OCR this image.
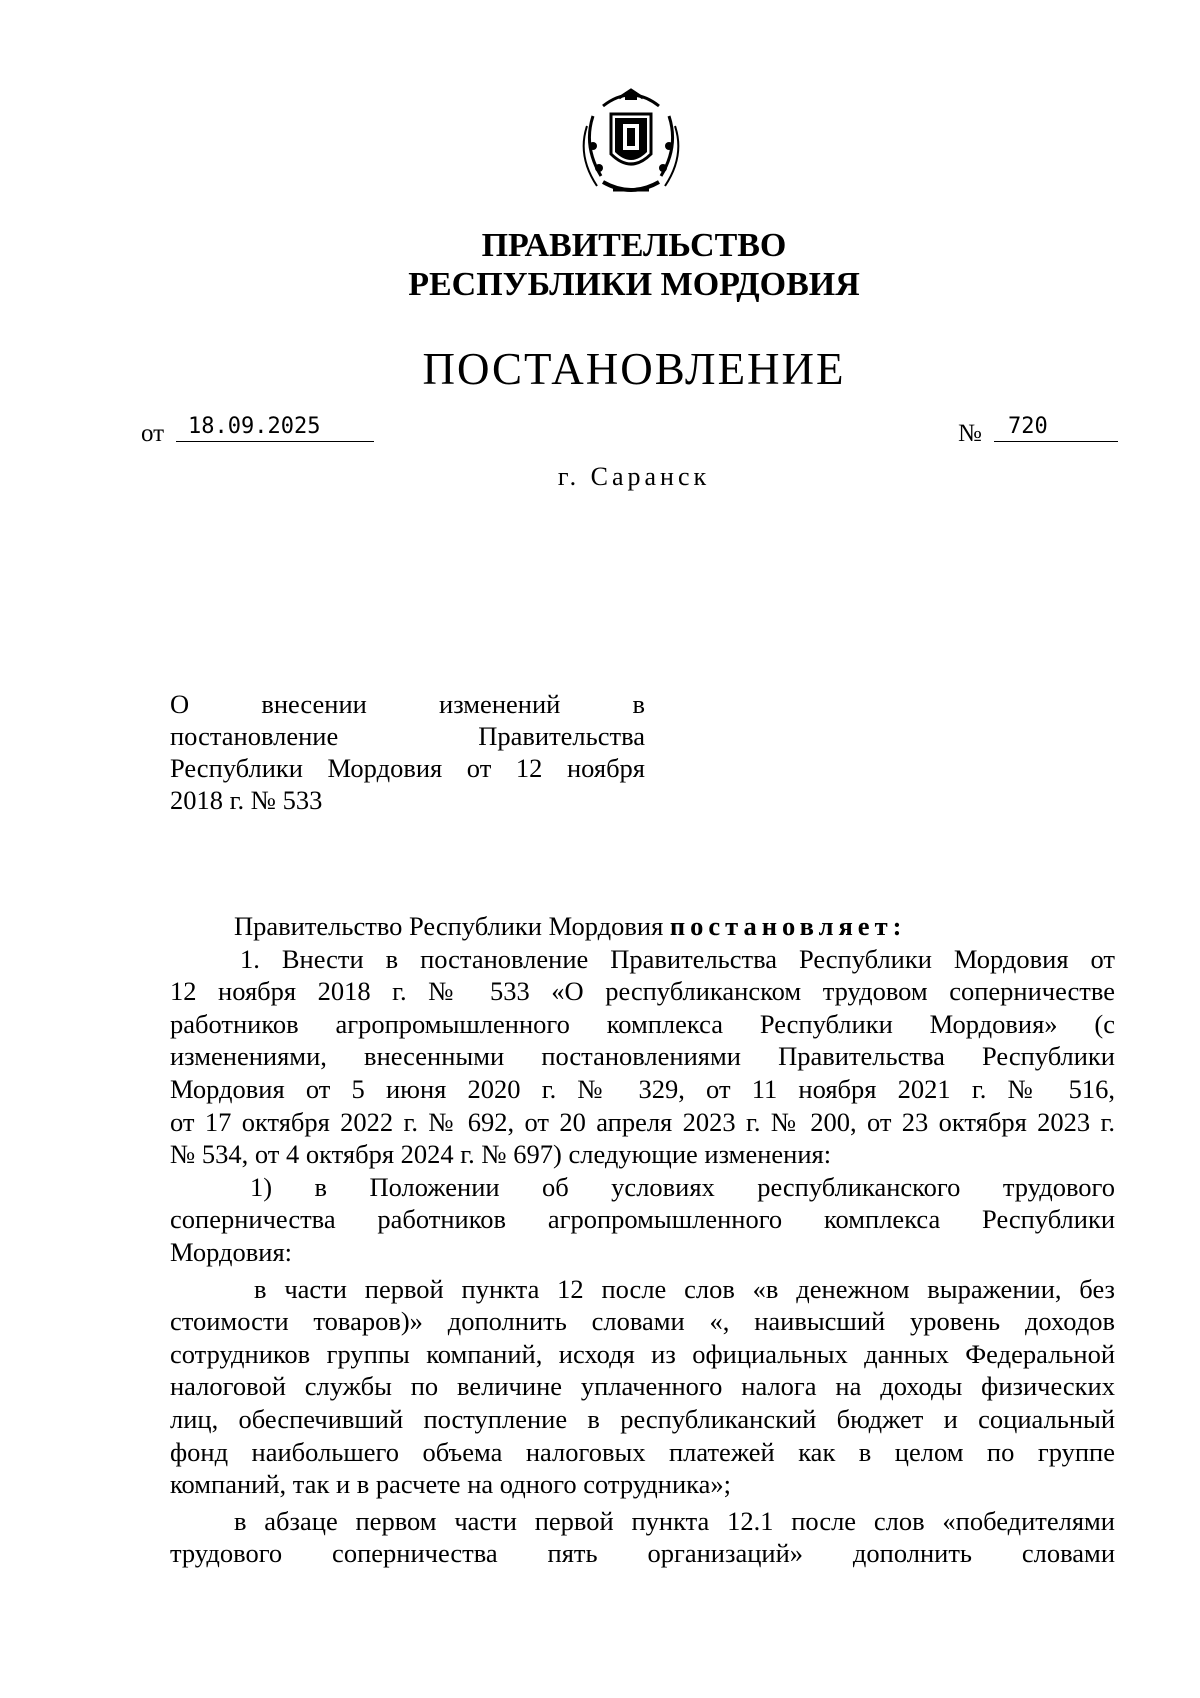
ПРАВИТЕЛЬСТВО
РЕСПУБЛИКИ МОРДОВИЯ
ПОСТАНОВЛЕНИЕ
от 18.09.2025	№ 720
г. Саранск
О внесении изменений в
постановление Правительства
Республики Мордовия от 12 ноября
2018 г. № 533
Правительство Республики Мордовия постановляет:
1. Внести в постановление Правительства Республики Мордовия от
12 ноября 2018 г. № 533 «О республиканском трудовом соперничестве
работников агропромышленного комплекса Республики Мордовия» (с
изменениями, внесенными постановлениями Правительства Республики
Мордовия от 5 июня 2020 г. № 329, от 11 ноября 2021 г. № 516,
от 17 октября 2022 г. № 692, от 20 апреля 2023 г. № 200, от 23 октября 2023 г.
№ 534, от 4 октября 2024 г. № 697) следующие изменения:
1) в Положении об условиях республиканского трудового
соперничества работников агропромышленного комплекса Республики
Мордовия:
в части первой пункта 12 после слов «в денежном выражении, без
стоимости товаров)» дополнить словами «, наивысший уровень доходов
сотрудников группы компаний, исходя из официальных данных Федеральной
налоговой службы по величине уплаченного налога на доходы физических
лиц, обеспечивший поступление в республиканский бюджет и социальный
фонд наибольшего объема налоговых платежей как в целом по группе
компаний, так и в расчете на одного сотрудника»;
в абзаце первом части первой пункта 12.1 после слов «победителями
трудового соперничества пять организаций» дополнить словами
